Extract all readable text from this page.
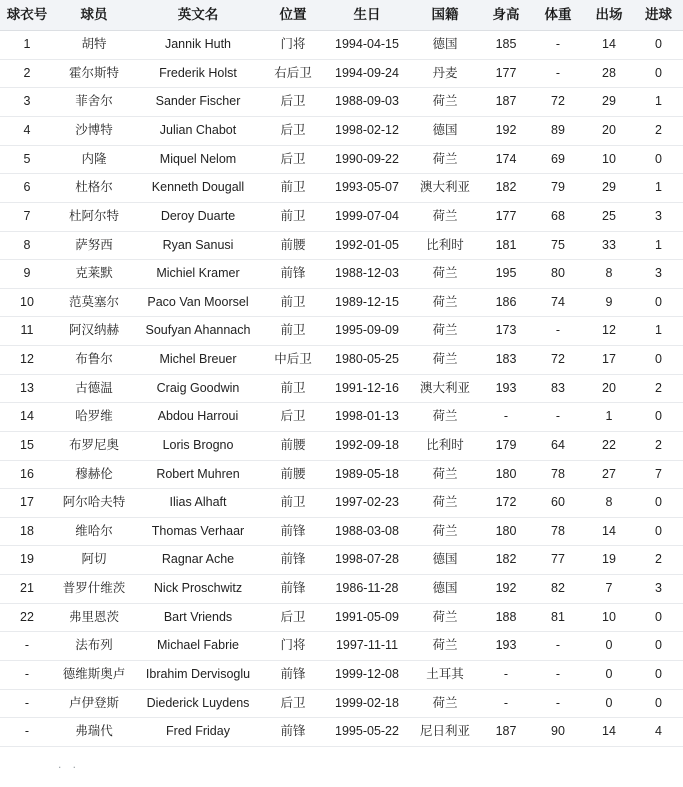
球衣号	球员	英文名	位置	生日	国籍	身高	体重	出场	进球
1	胡特	Jannik Huth	门将	1994-04-15	德国	185	-	14	0
2	霍尔斯特	Frederik Holst	右后卫	1994-09-24	丹麦	177	-	28	0
3	菲舍尔	Sander Fischer	后卫	1988-09-03	荷兰	187	72	29	1
4	沙博特	Julian Chabot	后卫	1998-02-12	德国	192	89	20	2
5	内隆	Miquel Nelom	后卫	1990-09-22	荷兰	174	69	10	0
6	杜格尔	Kenneth Dougall	前卫	1993-05-07	澳大利亚	182	79	29	1
7	杜阿尔特	Deroy Duarte	前卫	1999-07-04	荷兰	177	68	25	3
8	萨努西	Ryan Sanusi	前腰	1992-01-05	比利时	181	75	33	1
9	克莱默	Michiel Kramer	前锋	1988-12-03	荷兰	195	80	8	3
10	范莫塞尔	Paco Van Moorsel	前卫	1989-12-15	荷兰	186	74	9	0
11	阿汉纳赫	Soufyan Ahannach	前卫	1995-09-09	荷兰	173	-	12	1
12	布鲁尔	Michel Breuer	中后卫	1980-05-25	荷兰	183	72	17	0
13	古德温	Craig Goodwin	前卫	1991-12-16	澳大利亚	193	83	20	2
14	哈罗维	Abdou Harroui	后卫	1998-01-13	荷兰	-	-	1	0
15	布罗尼奥	Loris Brogno	前腰	1992-09-18	比利时	179	64	22	2
16	穆赫伦	Robert Muhren	前腰	1989-05-18	荷兰	180	78	27	7
17	阿尔哈夫特	Ilias Alhaft	前卫	1997-02-23	荷兰	172	60	8	0
18	维哈尔	Thomas Verhaar	前锋	1988-03-08	荷兰	180	78	14	0
19	阿切	Ragnar Ache	前锋	1998-07-28	德国	182	77	19	2
21	普罗什维茨	Nick Proschwitz	前锋	1986-11-28	德国	192	82	7	3
22	弗里恩茨	Bart Vriends	后卫	1991-05-09	荷兰	188	81	10	0
-	法布列	Michael Fabrie	门将	1997-11-11	荷兰	193	-	0	0
-	德维斯奥卢	Ibrahim Dervisoglu	前锋	1999-12-08	土耳其	-	-	0	0
-	卢伊登斯	Diederick Luydens	后卫	1999-02-18	荷兰	-	-	0	0
-	弗瑞代	Fred Friday	前锋	1995-05-22	尼日利亚	187	90	14	4
. .
